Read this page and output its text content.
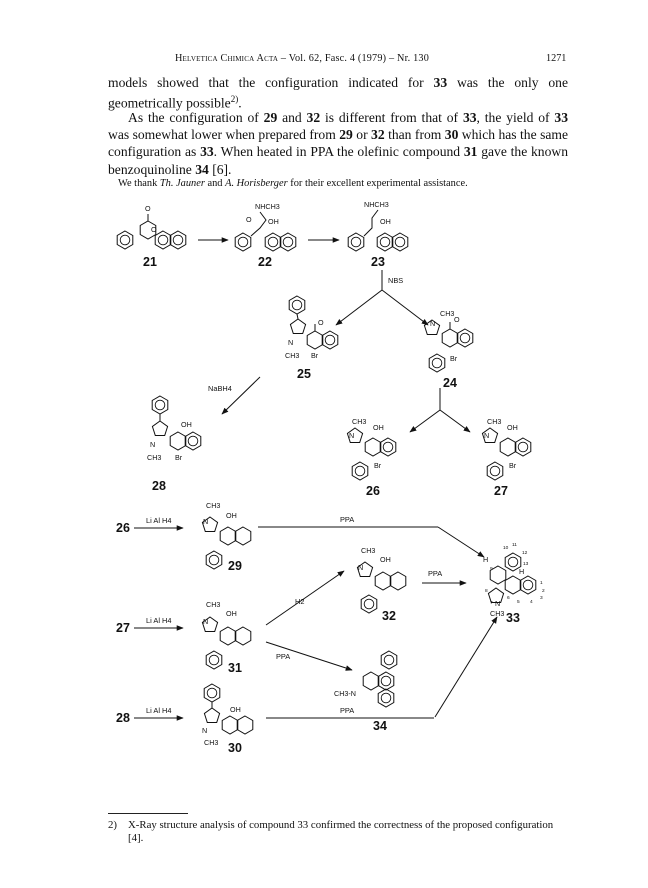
Helvetica Chimica Acta – Vol. 62, Fasc. 4 (1979) – Nr. 130	1271
models showed that the configuration indicated for 33 was the only one geometrically possible$^{2)}$.
As the configuration of 29 and 32 is different from that of 33, the yield of 33 was somewhat lower when prepared from 29 or 32 than from 30 which has the same configuration as 33. When heated in PPA the olefinic compound 31 gave the known benzoquinoline 34 [6].
We thank Th. Jauner and A. Horisberger for their excellent experimental assistance.
O
O
21
NHCH3
O OH
22
NHCH3
OH
23
NBS
O
N
CH3 Br
25
O
CH3
N
Br
24
NaBH4
OH
N
CH3 Br
28
CH3
OH
N
Br
26
CH3
OH
N
Br
27
26
Li Al H4
CH3
OH
N
29
PPA
CH3
OH
N
32
PPA
H
H
N
CH3
1
2
3
4
5
6
7
8
9
10
11
12
13
33
27
Li Al H4
CH3
OH
N
31
H2
PPA
CH3-N
34
28
Li Al H4	OH
N
CH3 30
PPA
2)	X-Ray structure analysis of compound 33 confirmed the correctness of the proposed configuration [4].
